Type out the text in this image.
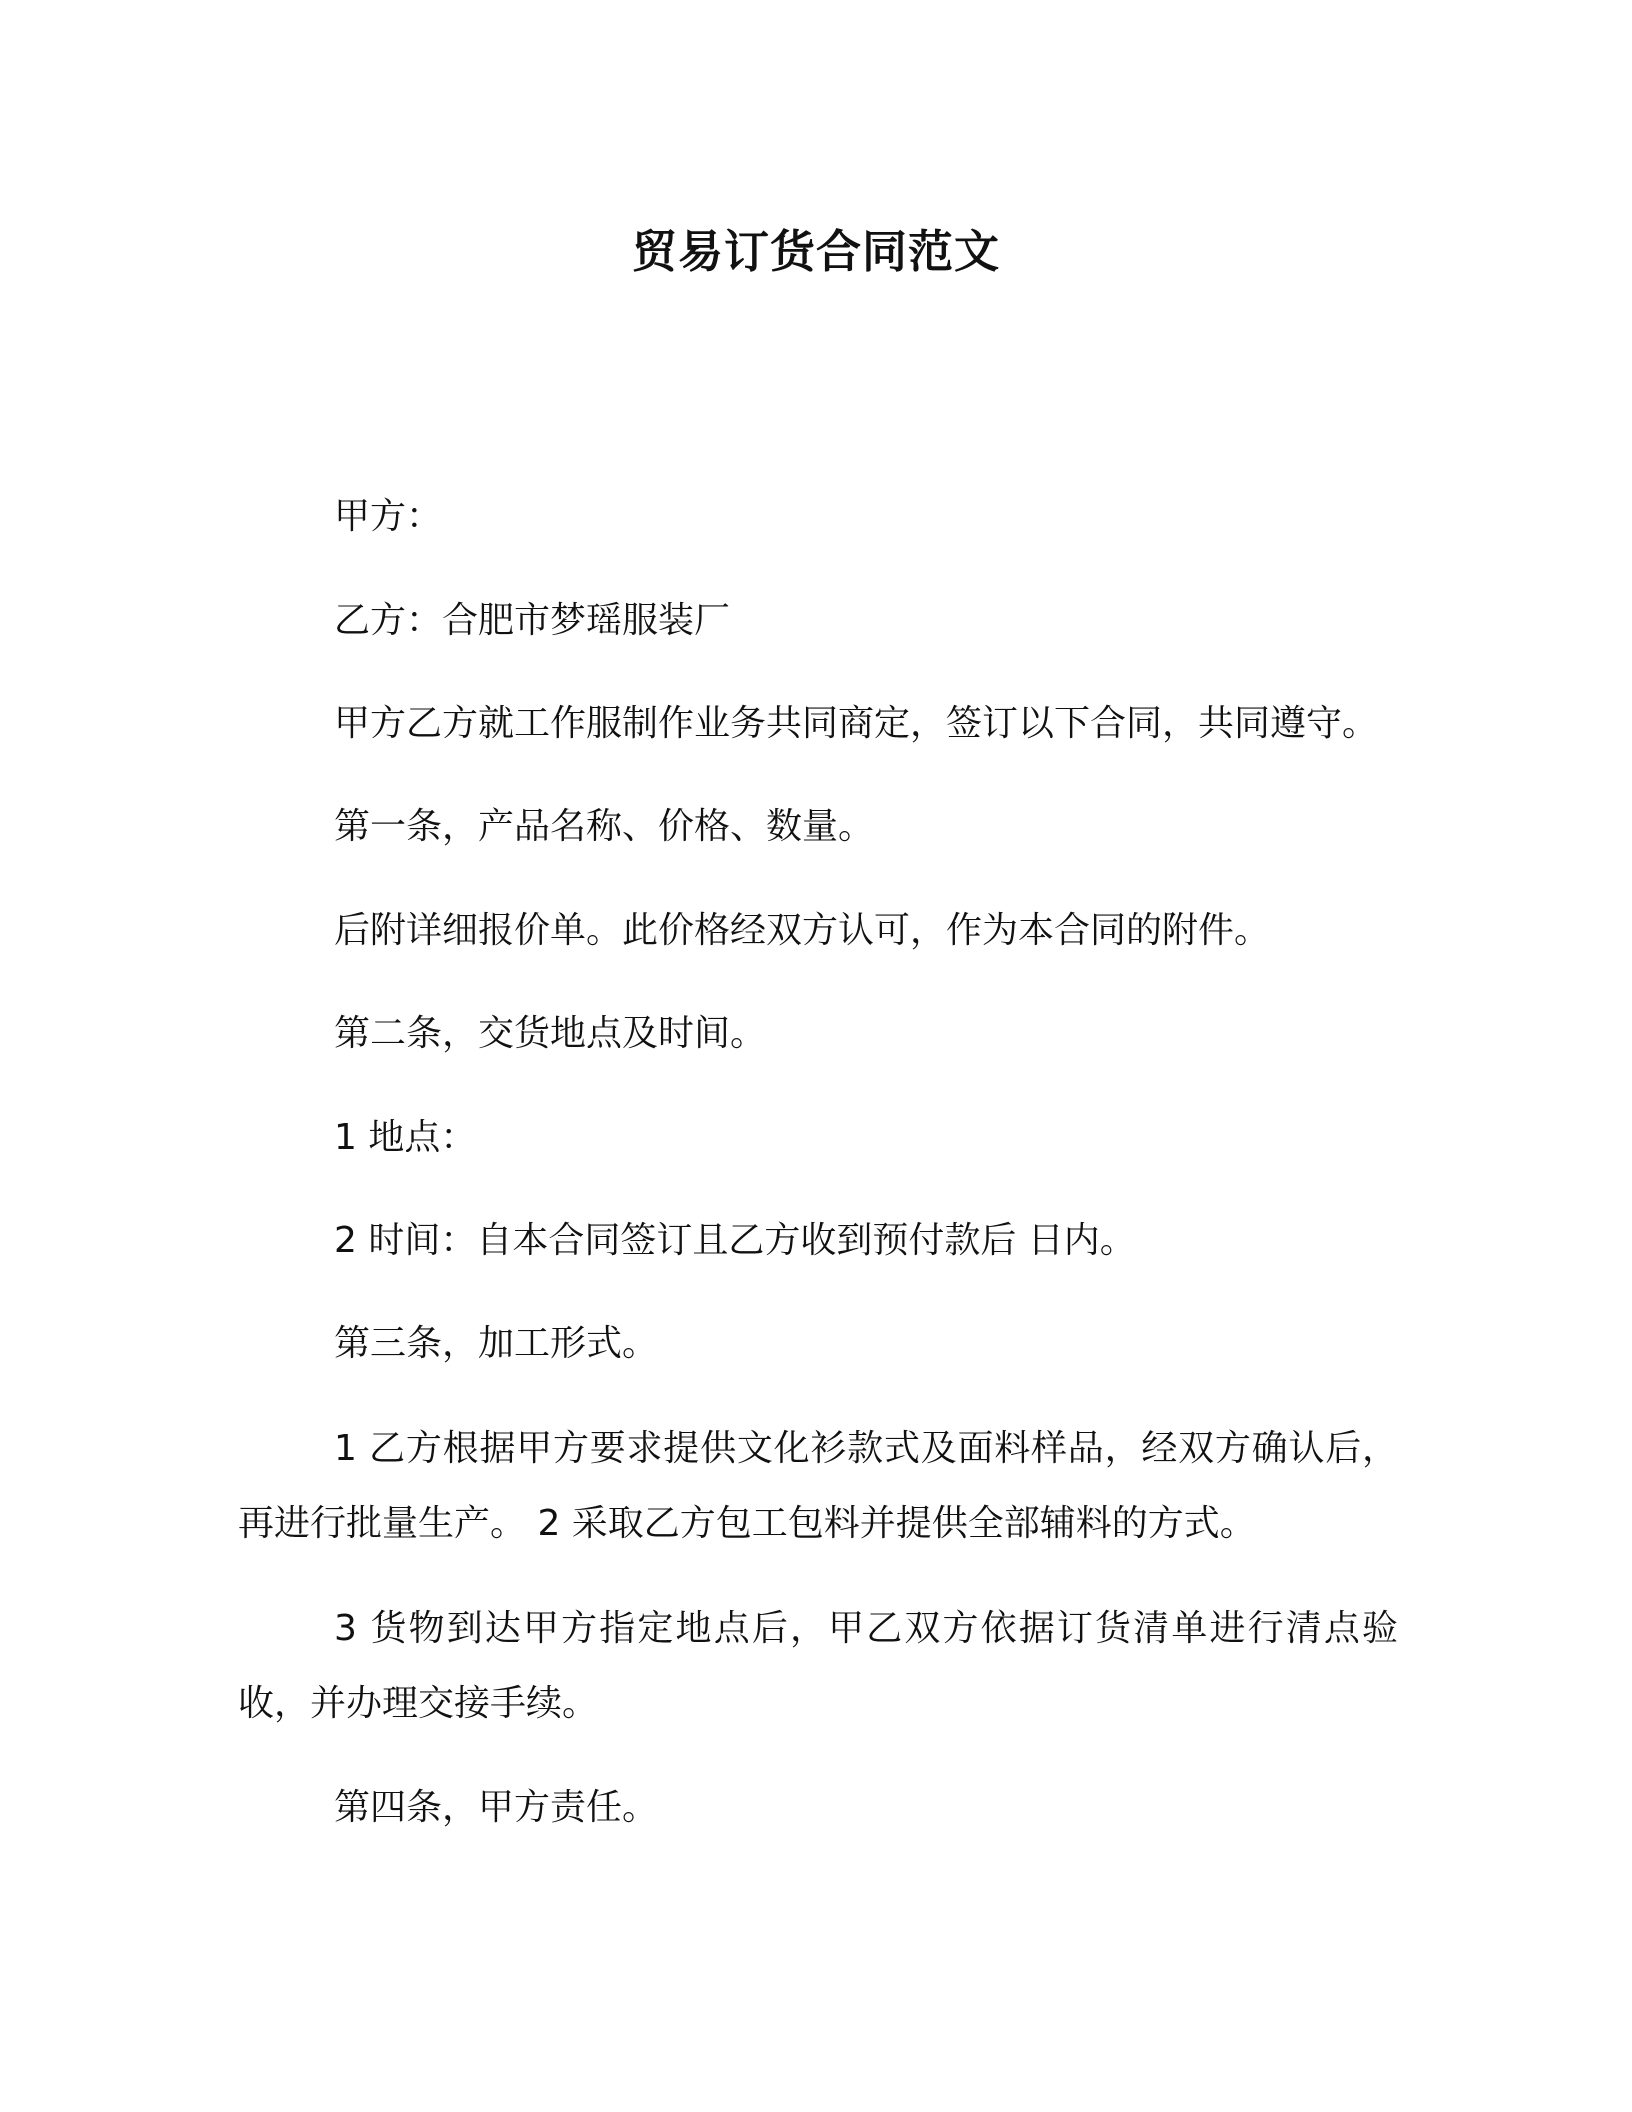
贸易订货合同范文
甲方：
乙方：合肥市梦瑶服装厂
甲方乙方就工作服制作业务共同商定，签订以下合同，共同遵守。
第一条，产品名称、价格、数量。
后附详细报价单。此价格经双方认可，作为本合同的附件。
第二条，交货地点及时间。
1 地点：
2 时间：自本合同签订且乙方收到预付款后 日内。
第三条，加工形式。
1 乙方根据甲方要求提供文化衫款式及面料样品，经双方确认后，再进行批量生产。 2 采取乙方包工包料并提供全部辅料的方式。
3 货物到达甲方指定地点后，甲乙双方依据订货清单进行清点验收，并办理交接手续。
第四条，甲方责任。
